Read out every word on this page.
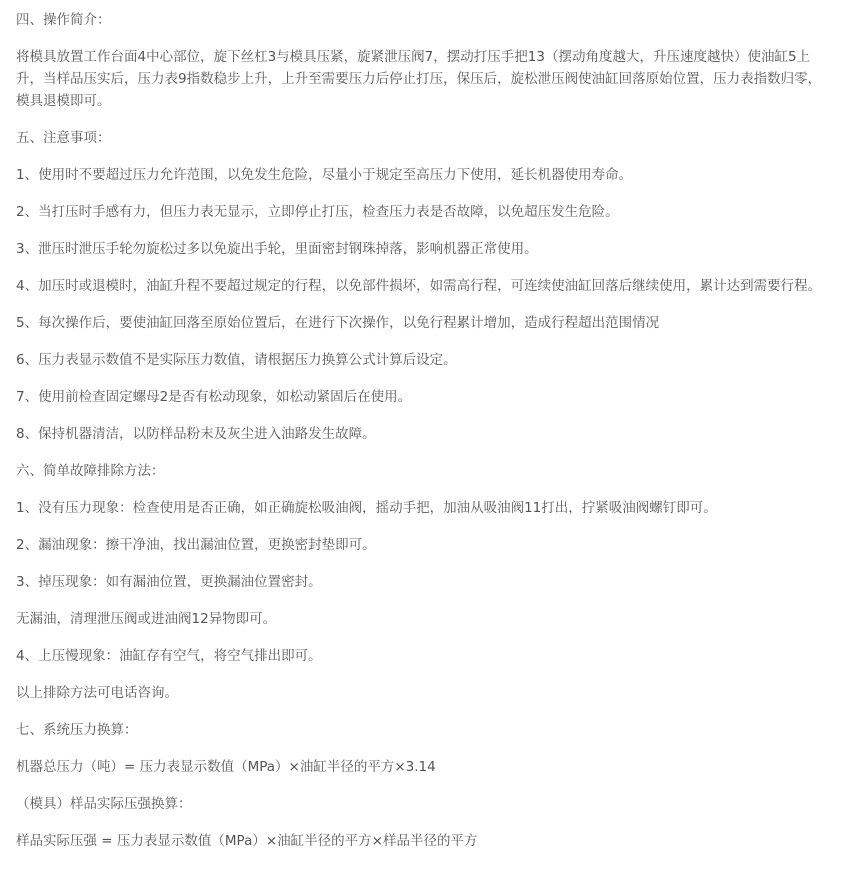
四、操作简介：

将模具放置工作台面4中心部位，旋下丝杠3与模具压紧，旋紧泄压阀7，摆动打压手把13（摆动角度越大，升压速度越快）使油缸5上升，当样品压实后，压力表9指数稳步上升，上升至需要压力后停止打压，保压后，旋松泄压阀使油缸回落原始位置，压力表指数归零，模具退模即可。

五、注意事项：

1、使用时不要超过压力允许范围，以免发生危险，尽量小于规定至高压力下使用，延长机器使用寿命。

2、当打压时手感有力，但压力表无显示，立即停止打压，检查压力表是否故障，以免超压发生危险。

3、泄压时泄压手轮勿旋松过多以免旋出手轮，里面密封钢珠掉落，影响机器正常使用。

4、加压时或退模时，油缸升程不要超过规定的行程，以免部件损坏，如需高行程，可连续使油缸回落后继续使用，累计达到需要行程。

5、每次操作后，要使油缸回落至原始位置后，在进行下次操作，以免行程累计增加，造成行程超出范围情况

6、压力表显示数值不是实际压力数值，请根据压力换算公式计算后设定。

7、使用前检查固定螺母2是否有松动现象，如松动紧固后在使用。

8、保持机器清洁，以防样品粉末及灰尘进入油路发生故障。

六、简单故障排除方法：

1、没有压力现象：检查使用是否正确，如正确旋松吸油阀，摇动手把，加油从吸油阀11打出，拧紧吸油阀螺钉即可。

2、漏油现象：擦干净油，找出漏油位置，更换密封垫即可。

3、掉压现象：如有漏油位置，更换漏油位置密封。

无漏油，清理泄压阀或进油阀12异物即可。

4、上压慢现象：油缸存有空气，将空气排出即可。

以上排除方法可电话咨询。

七、系统压力换算：

机器总压力（吨）= 压力表显示数值（MPa）×油缸半径的平方×3.14

（模具）样品实际压强换算：

样品实际压强 = 压力表显示数值（MPa）×油缸半径的平方×样品半径的平方
